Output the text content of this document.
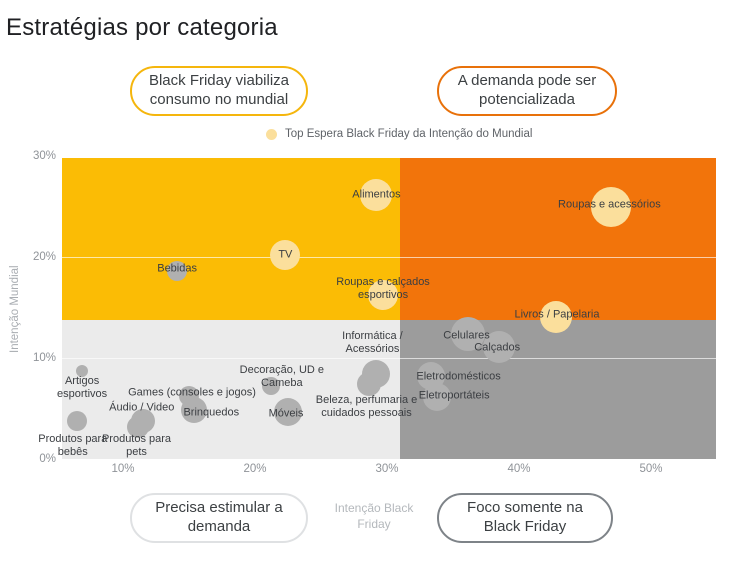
Estratégias por categoria
Black Friday viabiliza consumo no mundial
A demanda pode ser potencializada
Top Espera Black Friday da Intenção do Mundial
Alimentos
Roupas e acessórios
TV
Bebidas
Roupas e calçados esportivos
Livros / Papelaria
Celulares
Calçados
Informática / Acessórios
Beleza, perfumaria e cuidados pessoais
Decoração, UD e Cameba
Móveis
Games (consoles e jogos)
Brinquedos
Áudio / Video
Artigos esportivos
Produtos para bebês
Produtos para pets
Eletrodomésticos
Eletroportáteis
Intenção Mundial
Intenção Black Friday
Precisa estimular a demanda
Foco somente na Black Friday
10%	20%	30%	40%	50%
0%
10%
20%
30%
